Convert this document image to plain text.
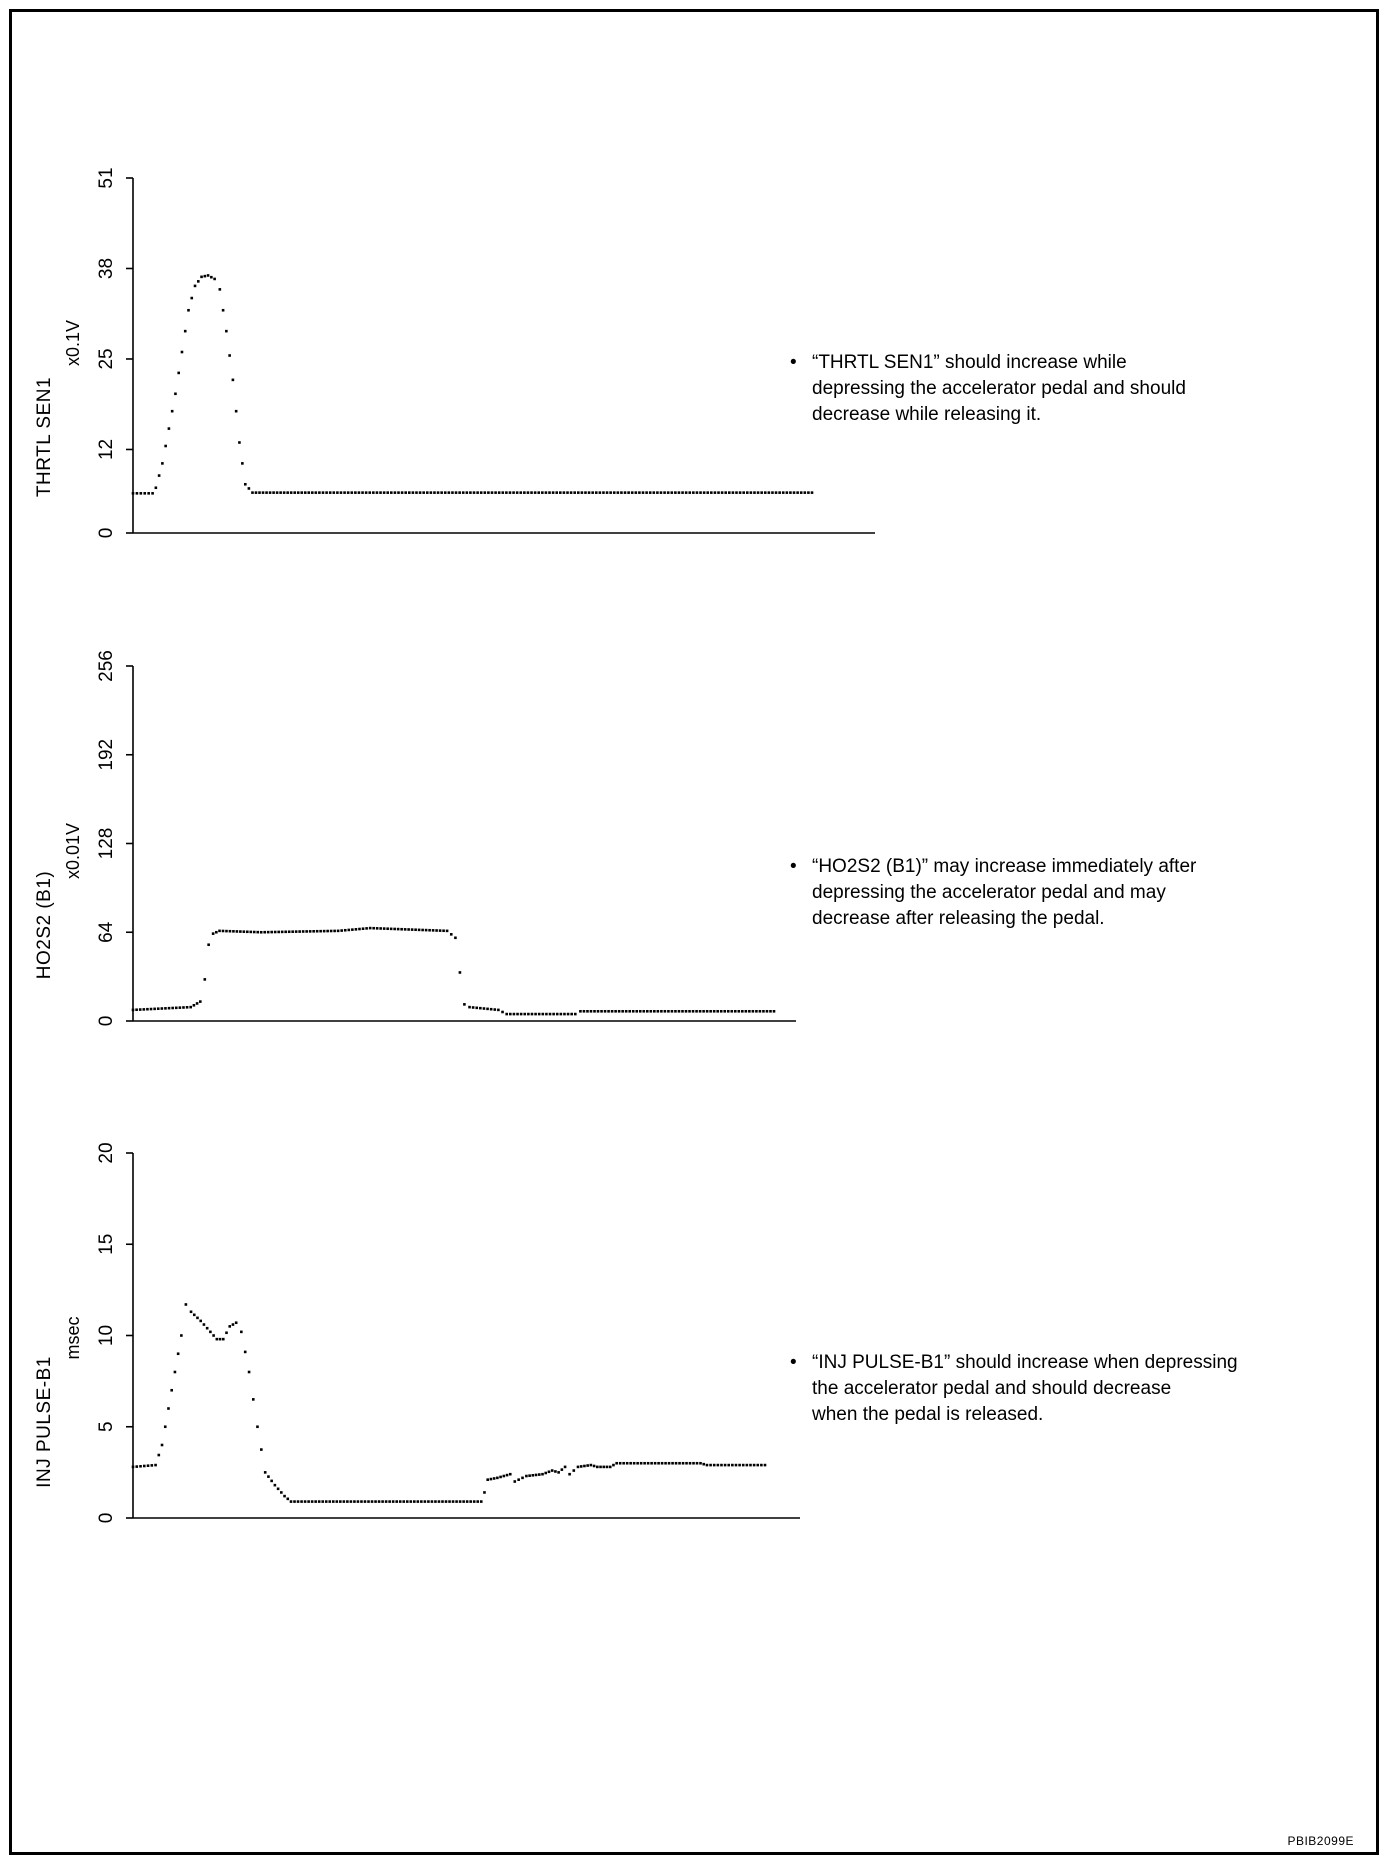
0
12
25
38
51
THRTL SEN1
x0.1V
0
64
128
192
256
HO2S2 (B1)
x0.01V
0
5
10
15
20
INJ PULSE-B1
msec
• “THRTL SEN1” should increase while
depressing the accelerator pedal and should
decrease while releasing it.
• “HO2S2 (B1)” may increase immediately after
depressing the accelerator pedal and may
decrease after releasing the pedal.
• “INJ PULSE-B1” should increase when depressing
the accelerator pedal and should decrease
when the pedal is released.
PBIB2099E
